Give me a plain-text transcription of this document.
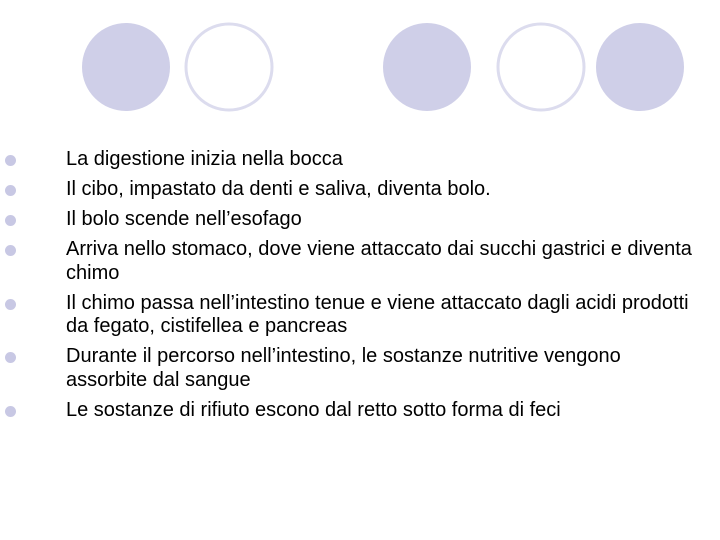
La digestione inizia nella bocca
Il cibo, impastato da denti e saliva, diventa bolo.
Il bolo scende nell’esofago
Arriva nello stomaco, dove viene attaccato dai succhi gastrici e diventa chimo
Il chimo passa nell’intestino tenue e viene attaccato dagli acidi prodotti da fegato, cistifellea e pancreas
Durante il percorso nell’intestino, le sostanze nutritive vengono assorbite dal sangue
Le sostanze di rifiuto escono dal retto sotto forma di feci
